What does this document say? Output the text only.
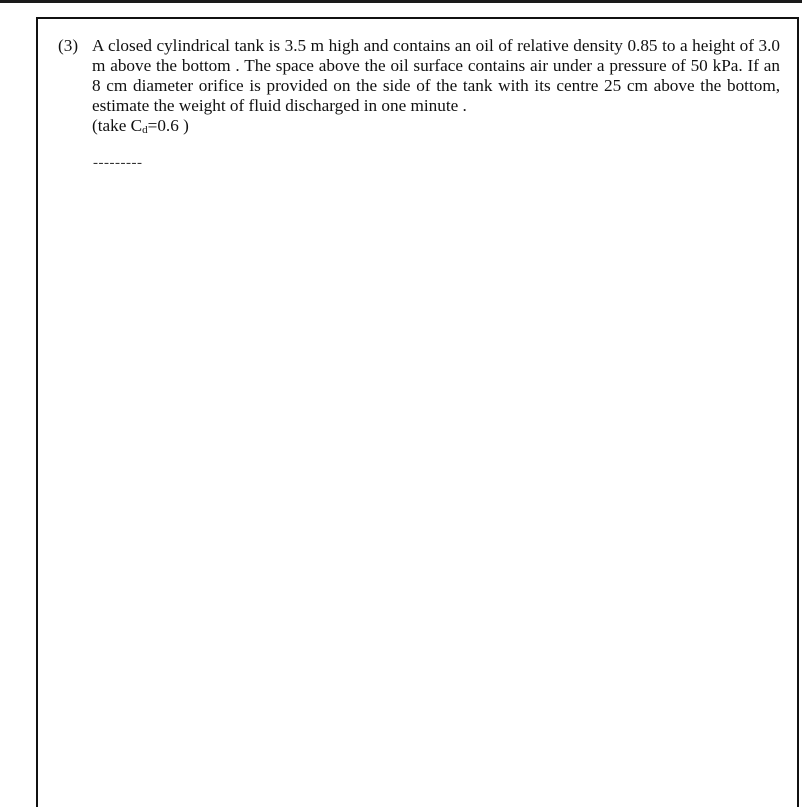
(3) A closed cylindrical tank is 3.5 m high and contains an oil of relative density 0.85 to a height of 3.0 m above the bottom . The space above the oil surface contains air under a pressure of 50 kPa. If an 8 cm diameter orifice is provided on the side of the tank with its centre 25 cm above the bottom, estimate the weight of fluid discharged in one minute .
(take Cd=0.6 )
---------
